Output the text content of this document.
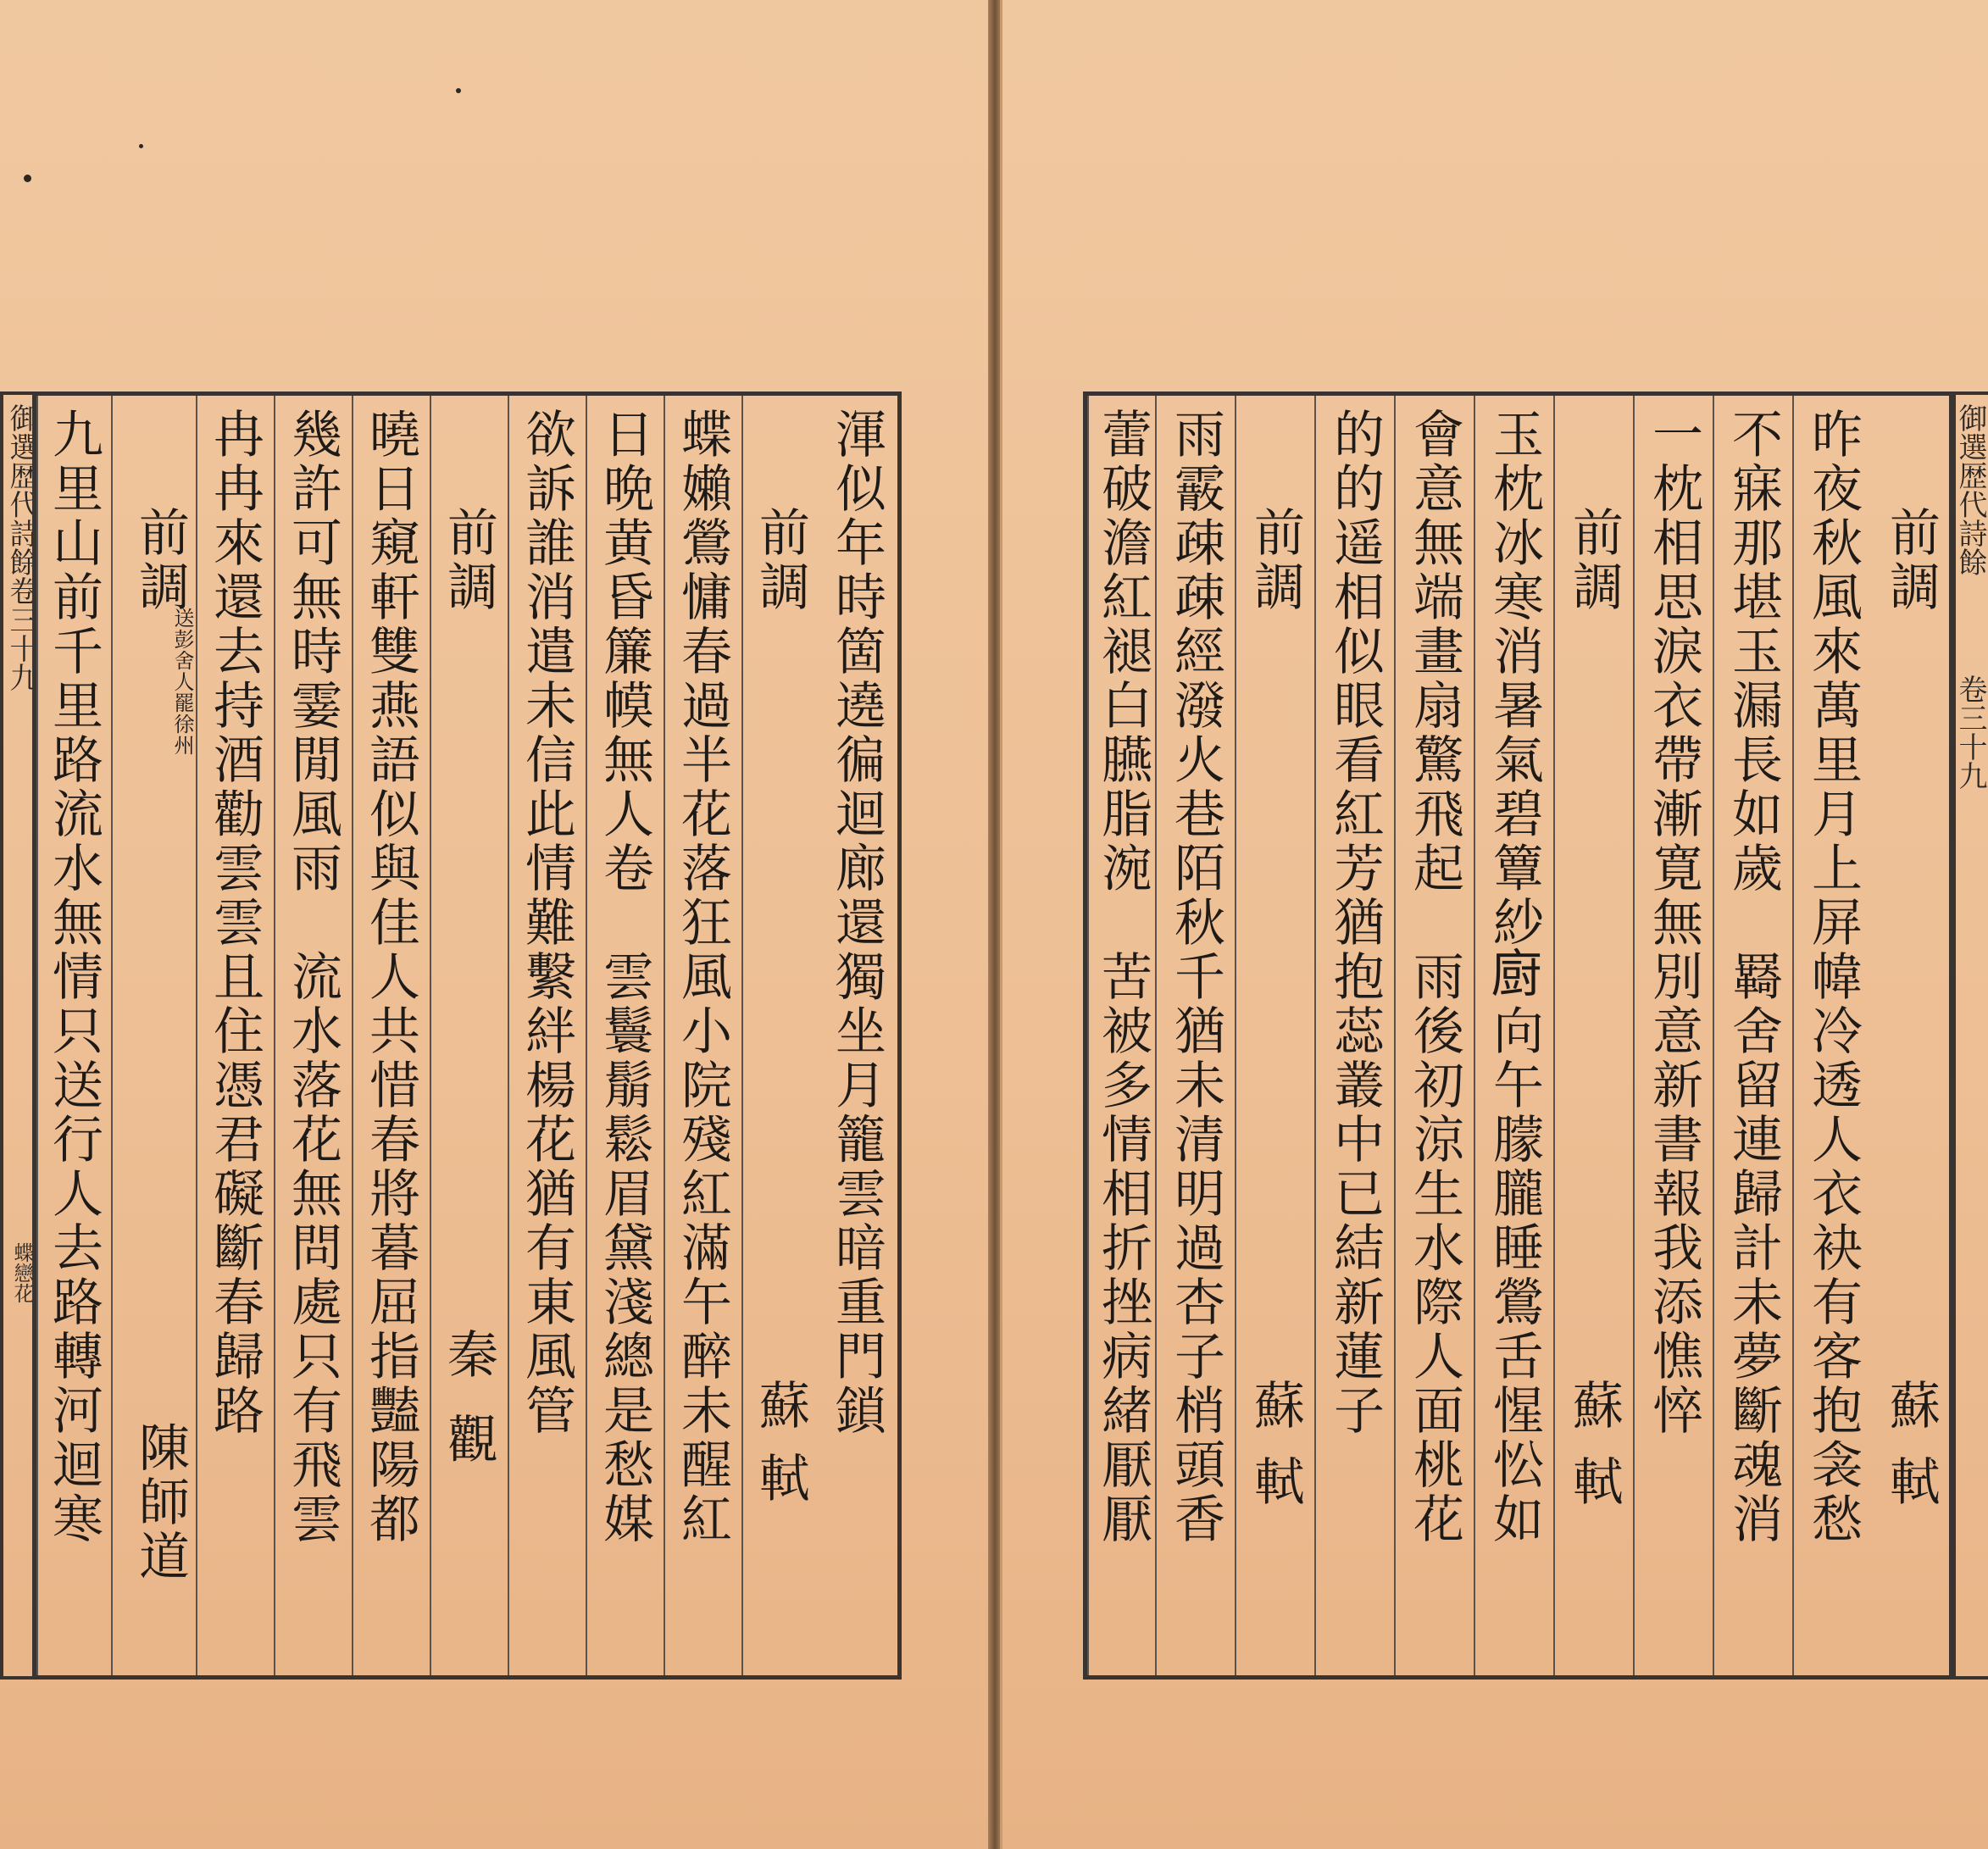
御選歴代詩餘卷三十九
蝶戀花	渾似年時箇遶徧迴廊還獨坐月籠雲暗重門鎖
前調
蘇軾
蝶嬾鶯慵春過半花落狂風小院殘紅滿午醉未醒紅
日晩黄昏簾幙無人卷　雲鬟鬅鬆眉黛淺總是愁媒
欲訴誰消遣未信此情難繫絆楊花猶有東風管
前調
秦觀
曉日窺軒雙燕語似與佳人共惜春將暮屈指豔陽都
幾許可無時霎閒風雨　流水落花無問處只有飛雲
冉冉來還去持酒勸雲雲且住憑君礙斷春歸路
前調
送彭舍人罷徐州
陳師道
九里山前千里路流水無情只送行人去路轉河迴寒	前調
蘇軾
昨夜秋風來萬里月上屏幃冷透人衣袂有客抱衾愁
不寐那堪玉漏長如歲　羇舍留連歸計未夢斷魂消
一枕相思淚衣帶漸寛無別意新書報我添憔悴
前調
蘇軾
玉枕冰寒消暑氣碧簟紗𢊍向午朦朧睡鶯舌惺忪如
會意無端畫扇驚飛起　雨後初涼生水際人面桃花
的的遥相似眼看紅芳猶抱蕊叢中已結新蓮子
前調
蘇軾
雨霰疎疎經潑火巷陌秋千猶未清明過杏子梢頭香
蕾破澹紅褪白臙脂涴　苦被多情相折挫病緒厭厭	御選歴代詩餘
卷三十九
